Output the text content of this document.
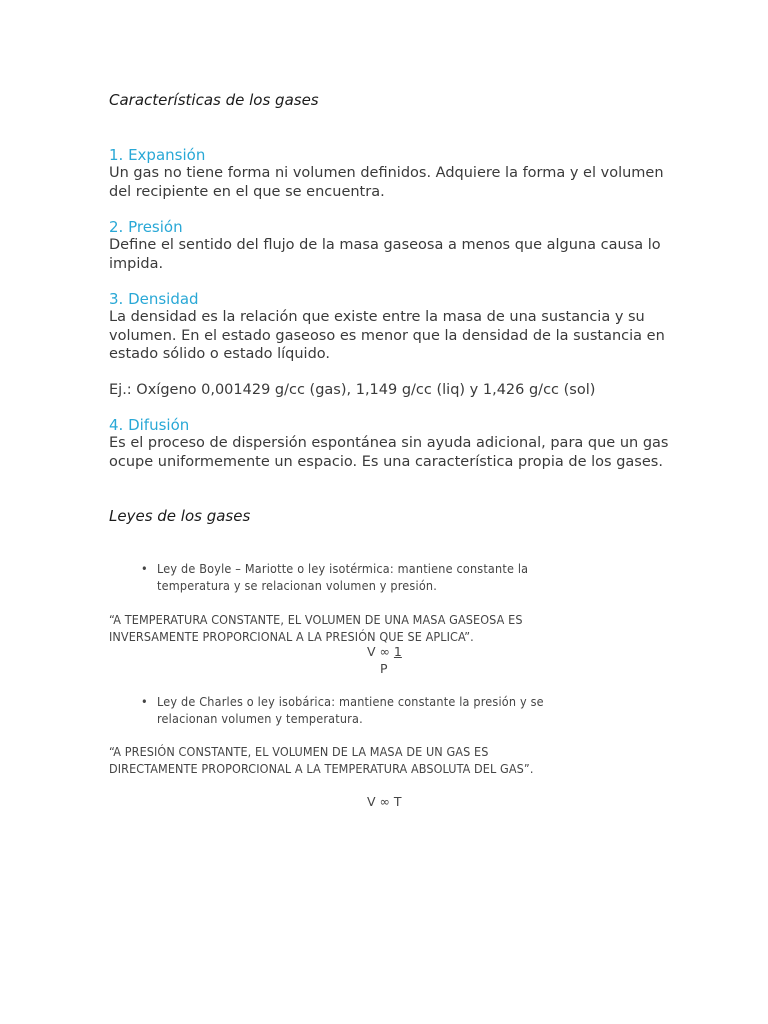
Características de los gases
1. Expansión
Un gas no tiene forma ni volumen definidos. Adquiere la forma y el volumen del recipiente en el que se encuentra.
2. Presión
Define el sentido del flujo de la masa gaseosa a menos que alguna causa lo impida.
3. Densidad
La densidad es la relación que existe entre la masa de una sustancia y su volumen. En el estado gaseoso es menor que la densidad de la sustancia en estado sólido o estado líquido.
Ej.: Oxígeno 0,001429 g/cc (gas), 1,149 g/cc (liq) y 1,426 g/cc (sol)
4. Difusión
Es el proceso de dispersión espontánea sin ayuda adicional, para que un gas ocupe uniformemente un espacio. Es una característica propia de los gases.
Leyes de los gases
• Ley de Boyle – Mariotte o ley isotérmica: mantiene constante la temperatura y se relacionan volumen y presión.
“A TEMPERATURA CONSTANTE, EL VOLUMEN DE UNA MASA GASEOSA ES INVERSAMENTE PROPORCIONAL A LA PRESIÓN QUE SE APLICA”.
V ∞ 1
P
• Ley de Charles o ley isobárica: mantiene constante la presión y se relacionan volumen y temperatura.
“A PRESIÓN CONSTANTE, EL VOLUMEN DE LA MASA DE UN GAS ES DIRECTAMENTE PROPORCIONAL A LA TEMPERATURA ABSOLUTA DEL GAS”.
V ∞ T
